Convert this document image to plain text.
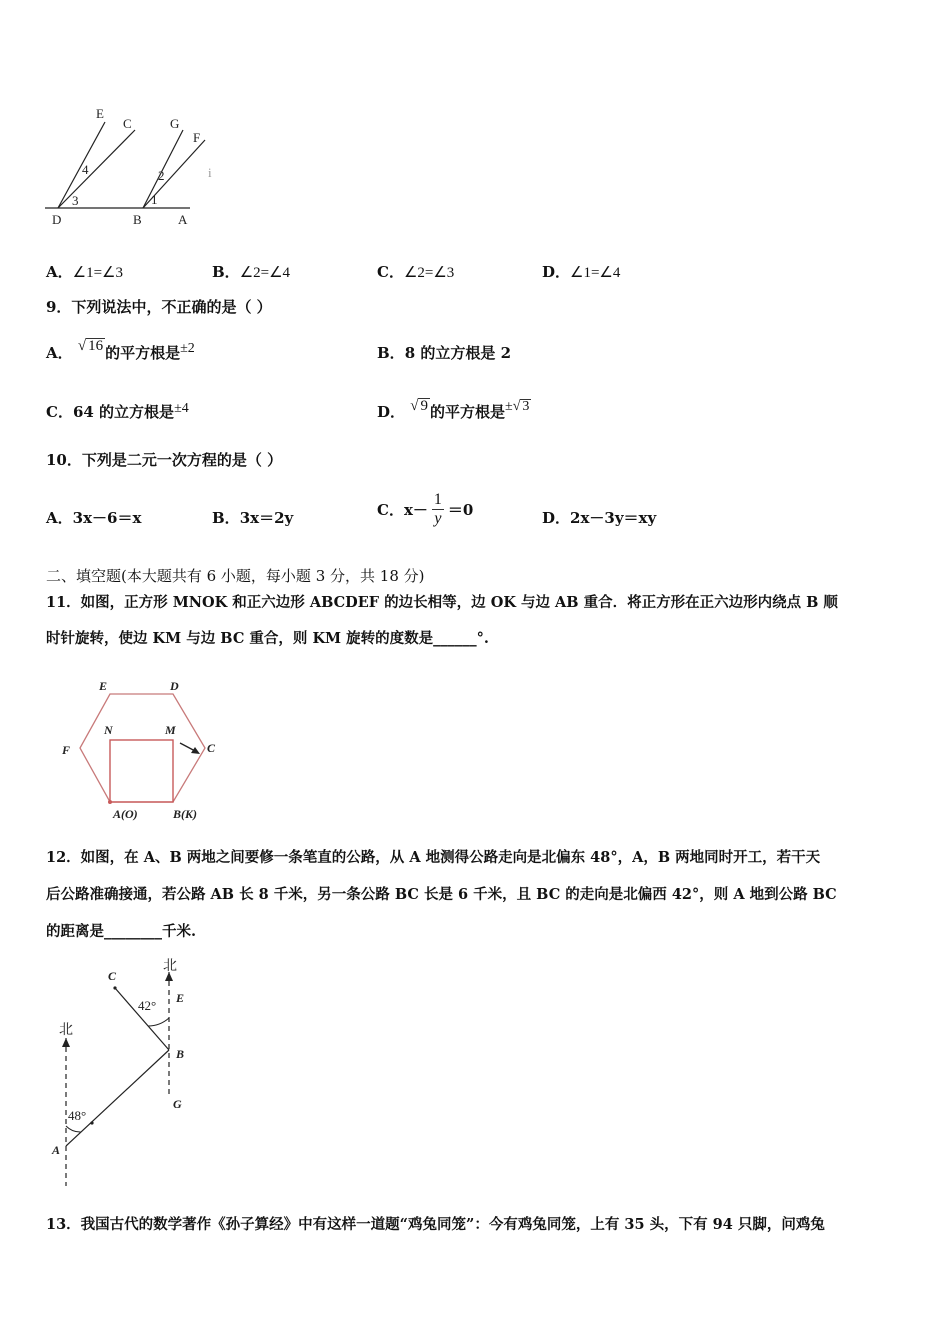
E
C	G
F
D	B	A
4
3
2
1
i
A．∠1=∠3	B．∠2=∠4	C．∠2=∠3	D．∠1=∠4
9．下列说法中，不正确的是（ ）
A． √ 16 的平方根是±2	B．8 的立方根是 2
C．64 的立方根是±4	D． √ 9 的平方根是±√ 3
10．下列是二元一次方程的是（ ）
A．3x－6＝x	B．3x＝2y	C． $x- \frac{1}{y} =0$	D．2x－3y＝xy
二、填空题(本大题共有 6 小题，每小题 3 分，共 18 分)
11．如图，正方形 MNOK 和正六边形 ABCDEF 的边长相等，边 OK 与边 AB 重合．将正方形在正六边形内绕点 B 顺
时针旋转，使边 KM 与边 BC 重合，则 KM 旋转的度数是______°.
E	D
N	M
F	C
A(O)	B(K)
12．如图，在 A、B 两地之间要修一条笔直的公路，从 A 地测得公路走向是北偏东 48°，A，B 两地同时开工，若干天
后公路准确接通，若公路 AB 长 8 千米，另一条公路 BC 长是 6 千米，且 BC 的走向是北偏西 42°，则 A 地到公路 BC
的距离是________千米.
C
北
E
42°
北
B
G
48°
A
13．我国古代的数学著作《孙子算经》中有这样一道题“鸡兔同笼”：今有鸡兔同笼，上有 35 头，下有 94 只脚，问鸡兔
